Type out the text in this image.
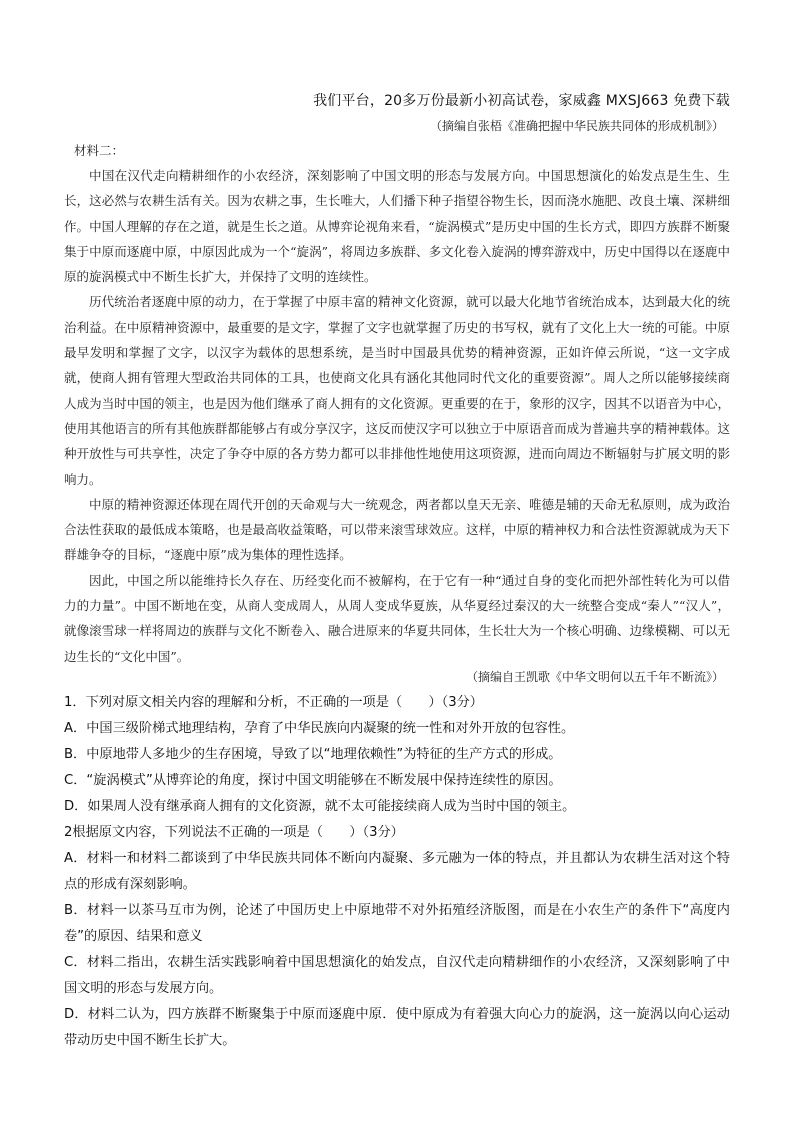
我们平台，20多万份最新小初高试卷，家威鑫 MXSJ663 免费下载
（摘编自张梧《准确把握中华民族共同体的形成机制》）
材料二：

中国在汉代走向精耕细作的小农经济，深刻影响了中国文明的形态与发展方向。中国思想演化的始发点是生生、生长，这必然与农耕生活有关。因为农耕之事，生长唯大，人们播下种子指望谷物生长，因而浇水施肥、改良土壤、深耕细作。中国人理解的存在之道，就是生长之道。从博弈论视角来看，“旋涡模式”是历史中国的生长方式，即四方族群不断聚集于中原而逐鹿中原，中原因此成为一个“旋涡”，将周边多族群、多文化卷入旋涡的博弈游戏中，历史中国得以在逐鹿中原的旋涡模式中不断生长扩大，并保持了文明的连续性。

历代统治者逐鹿中原的动力，在于掌握了中原丰富的精神文化资源，就可以最大化地节省统治成本，达到最大化的统治利益。在中原精神资源中，最重要的是文字，掌握了文字也就掌握了历史的书写权，就有了文化上大一统的可能。中原最早发明和掌握了文字，以汉字为载体的思想系统，是当时中国最具优势的精神资源，正如许倬云所说，“这一文字成就，使商人拥有管理大型政治共同体的工具，也使商文化具有涵化其他同时代文化的重要资源”。周人之所以能够接续商人成为当时中国的领主，也是因为他们继承了商人拥有的文化资源。更重要的在于，象形的汉字，因其不以语音为中心，使用其他语言的所有其他族群都能够占有或分享汉字，这反而使汉字可以独立于中原语音而成为普遍共享的精神载体。这种开放性与可共享性，决定了争夺中原的各方势力都可以非排他性地使用这项资源，进而向周边不断辐射与扩展文明的影响力。

中原的精神资源还体现在周代开创的天命观与大一统观念，两者都以皇天无亲、唯德是辅的天命无私原则，成为政治合法性获取的最低成本策略，也是最高收益策略，可以带来滚雪球效应。这样，中原的精神权力和合法性资源就成为天下群雄争夺的目标，“逐鹿中原”成为集体的理性选择。

因此，中国之所以能维持长久存在、历经变化而不被解构，在于它有一种“通过自身的变化而把外部性转化为可以借力的力量”。中国不断地在变，从商人变成周人，从周人变成华夏族，从华夏经过秦汉的大一统整合变成“秦人”“汉人”，就像滚雪球一样将周边的族群与文化不断卷入、融合进原来的华夏共同体，生长壮大为一个核心明确、边缘模糊、可以无边生长的“文化中国”。

（摘编自王凯歌《中华文明何以五千年不断流》）
1．下列对原文相关内容的理解和分析，不正确的一项是（　　）（3分）
A．中国三级阶梯式地理结构，孕育了中华民族向内凝聚的统一性和对外开放的包容性。
B．中原地带人多地少的生存困境，导致了以“地理依赖性”为特征的生产方式的形成。
C．“旋涡模式”从博弈论的角度，探讨中国文明能够在不断发展中保持连续性的原因。
D．如果周人没有继承商人拥有的文化资源，就不太可能接续商人成为当时中国的领主。
2根据原文内容，下列说法不正确的一项是（　　）（3分）
A．材料一和材料二都谈到了中华民族共同体不断向内凝聚、多元融为一体的特点，并且都认为农耕生活对这个特点的形成有深刻影响。
B．材料一以茶马互市为例，论述了中国历史上中原地带不对外拓殖经济版图，而是在小农生产的条件下“高度内卷”的原因、结果和意义
C．材料二指出，农耕生活实践影响着中国思想演化的始发点，自汉代走向精耕细作的小农经济，又深刻影响了中国文明的形态与发展方向。
D．材料二认为，四方族群不断聚集于中原而逐鹿中原．使中原成为有着强大向心力的旋涡，这一旋涡以向心运动带动历史中国不断生长扩大。
